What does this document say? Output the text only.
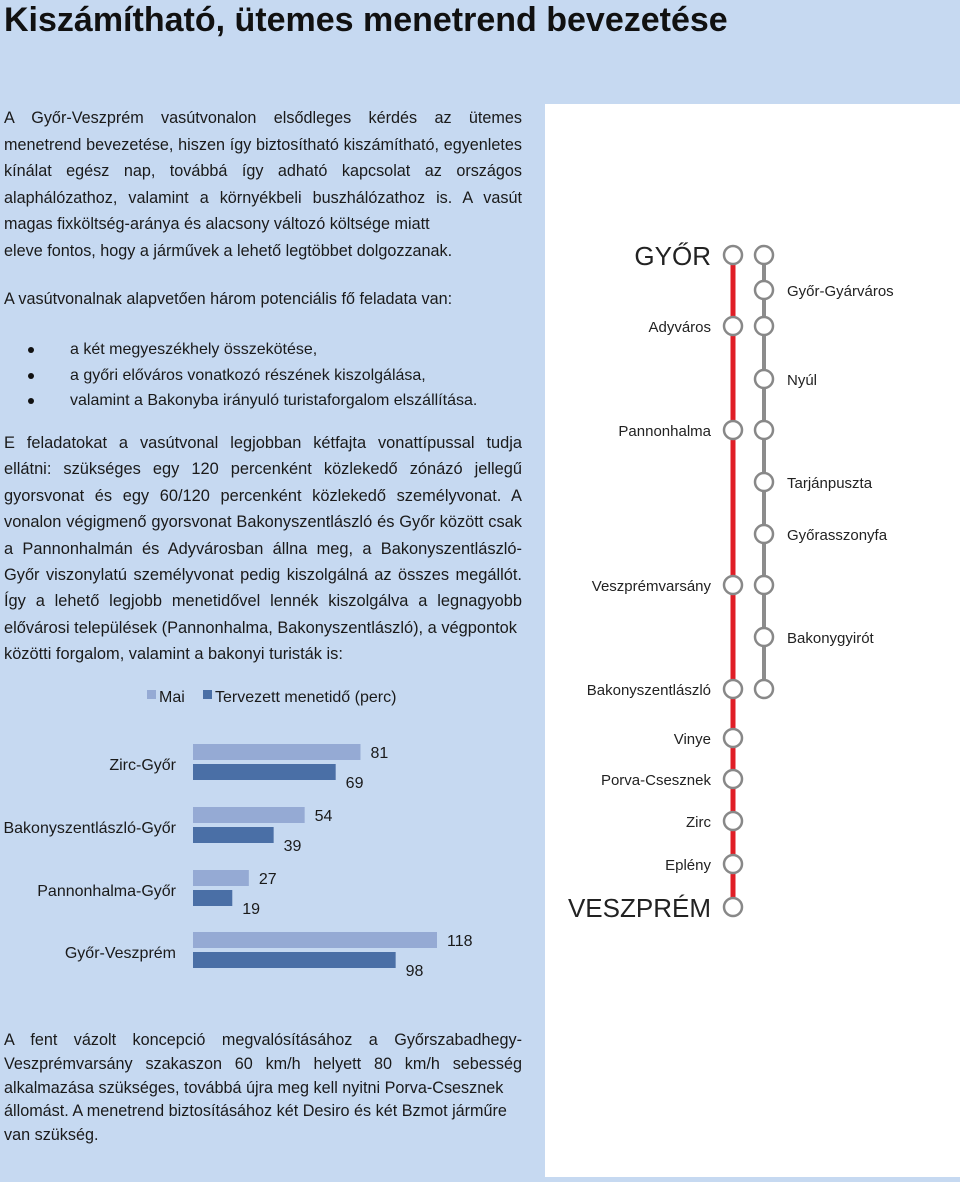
Kiszámítható, ütemes menetrend bevezetése

A Győr-Veszprém vasútvonalon elsődleges kérdés az ütemes menetrend bevezetése, hiszen így biztosítható kiszámítható, egyenletes kínálat egész nap, továbbá így adható kapcsolat az országos alaphálózathoz, valamint a környékbeli buszhálózathoz is. A vasút magas fixköltség-aránya és alacsony változó költsége miatt
eleve fontos, hogy a járművek a lehető legtöbbet dolgozzanak.

A vasútvonalnak alapvetően három potenciális fő feladata van:

a két megyeszékhely összekötése,
a győri előváros vonatkozó részének kiszolgálása,
valamint a Bakonyba irányuló turistaforgalom elszállítása.

E feladatokat a vasútvonal legjobban kétfajta vonattípussal tudja ellátni: szükséges egy 120 percenként közlekedő zónázó jellegű gyorsvonat és egy 60/120 percenként közlekedő személyvonat. A vonalon végigmenő gyorsvonat Bakonyszentlászló és Győr között csak a Pannonhalmán és Adyvárosban állna meg, a Bakonyszentlászló-Győr viszonylatú személyvonat pedig kiszolgálná az összes megállót. Így a lehető legjobb menetidővel lennék kiszolgálva a legnagyobb elővárosi települések (Pannonhalma, Bakonyszentlászló), a végpontok
közötti forgalom, valamint a bakonyi turisták is:

Mai Tervezett menetidő (perc)
Zirc-Győr
81
69
Bakonyszentlászló-Győr
54
39
Pannonhalma-Győr
27
19
Győr-Veszprém
118
98

A fent vázolt koncepció megvalósításához a Győrszabadhegy-Veszprémvarsány szakaszon 60 km/h helyett 80 km/h sebesség alkalmazása szükséges, továbbá újra meg kell nyitni Porva-Csesznek
állomást. A menetrend biztosításához két Desiro és két Bzmot járműre van szükség.

GYŐR
Győr-Gyárváros
Adyváros
Nyúl
Pannonhalma
Tarjánpuszta
Győrasszonyfa
Veszprémvarsány
Bakonygyirót
Bakonyszentlászló
Vinye
Porva-Csesznek
Zirc
Eplény
VESZPRÉM
